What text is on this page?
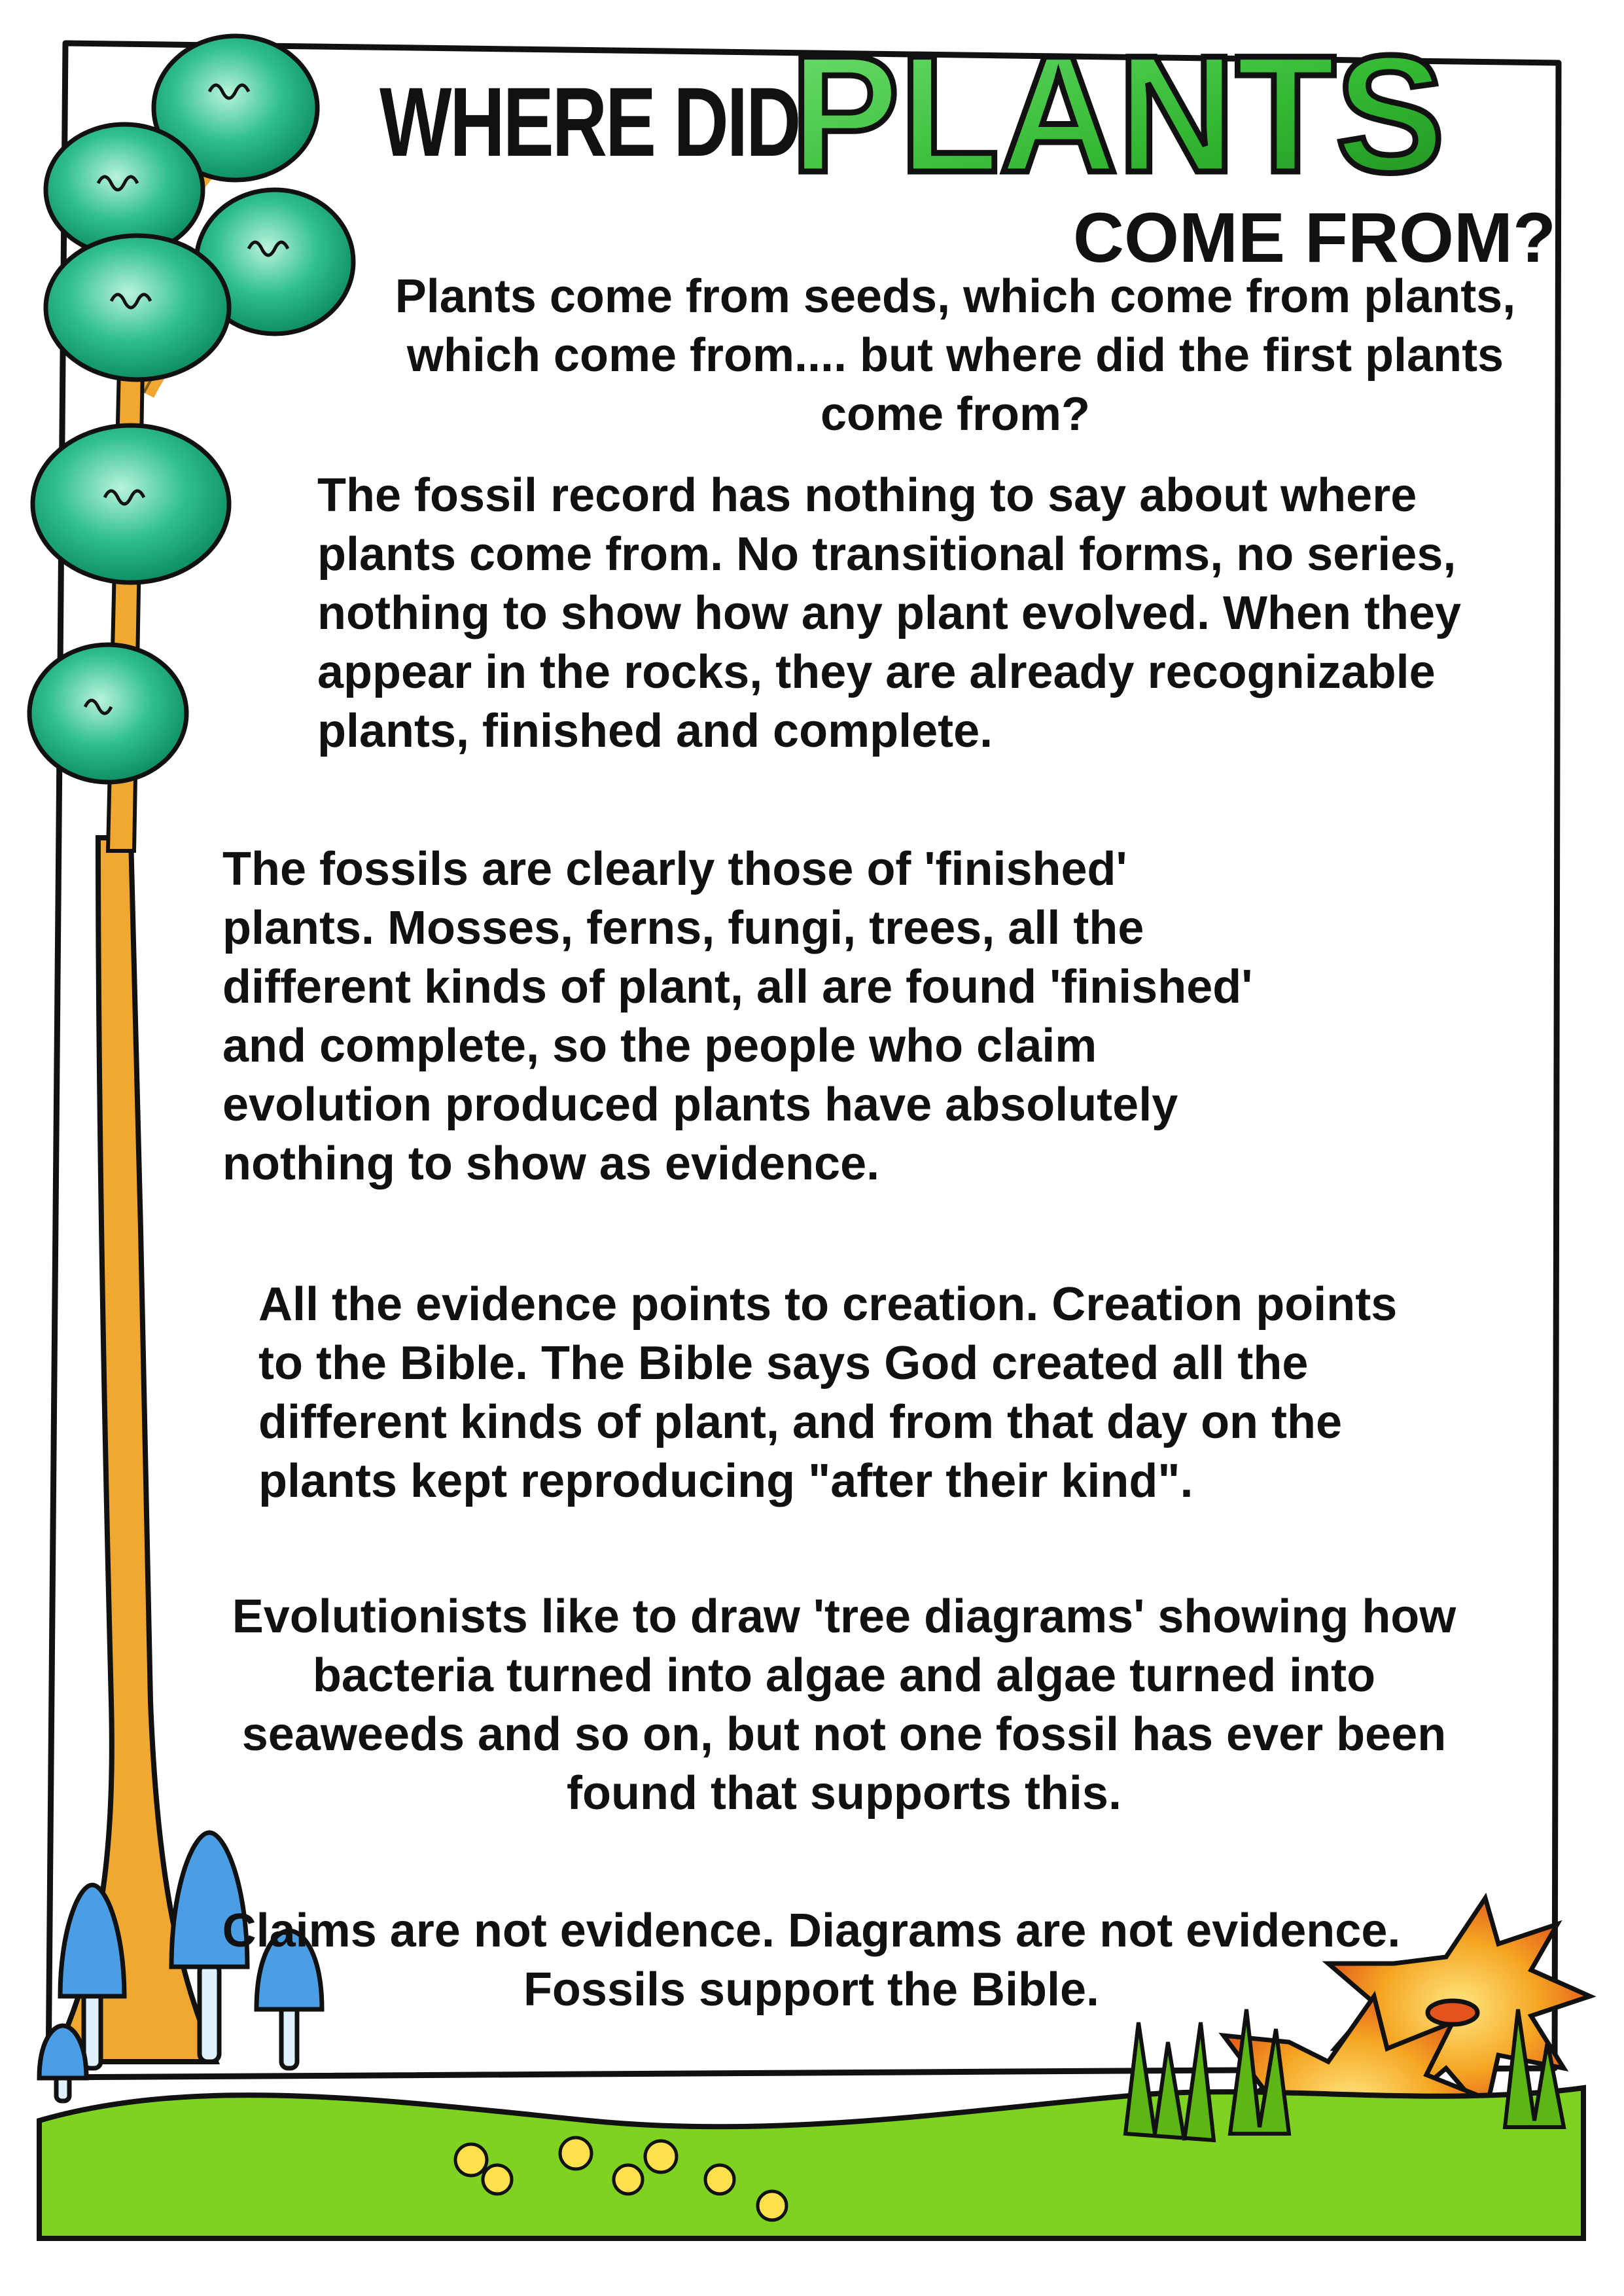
PLANTS
WHERE DID
COME FROM?

Plants come from seeds, which come from plants, which come from.... but where did the first plants come from?

The fossil record has nothing to say about where plants come from. No transitional forms, no series, nothing to show how any plant evolved. When they appear in the rocks, they are already recognizable plants, finished and complete.

The fossils are clearly those of 'finished' plants. Mosses, ferns, fungi, trees, all the different kinds of plant, all are found 'finished' and complete, so the people who claim evolution produced plants have absolutely nothing to show as evidence.

All the evidence points to creation. Creation points to the Bible. The Bible says God created all the different kinds of plant, and from that day on the plants kept reproducing "after their kind".

Evolutionists like to draw 'tree diagrams' showing how bacteria turned into algae and algae turned into seaweeds and so on, but not one fossil has ever been found that supports this.

Claims are not evidence. Diagrams are not evidence. Fossils support the Bible.
